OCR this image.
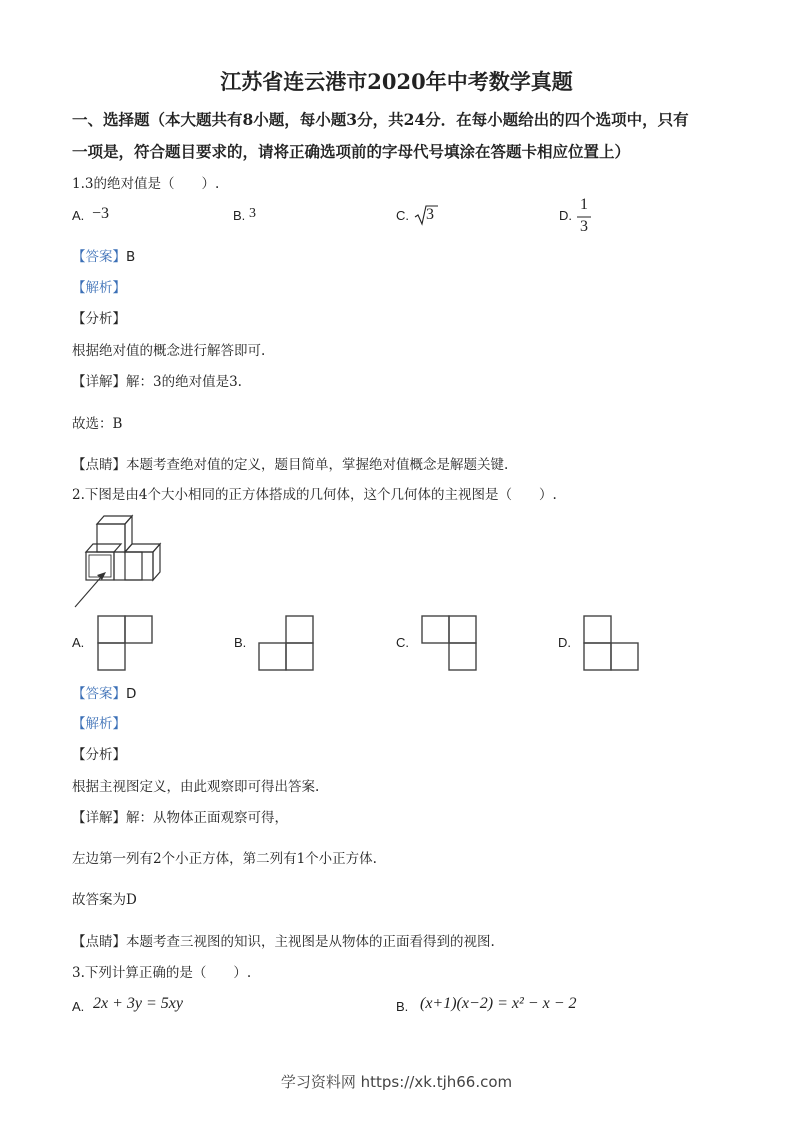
江苏省连云港市2020年中考数学真题
一、选择题（本大题共有8小题，每小题3分，共24分．在每小题给出的四个选项中，只有
一项是，符合题目要求的，请将正确选项前的字母代号填涂在答题卡相应位置上）
1.3的绝对值是（　　）.
A. −3	B. 3	C. 3	D.
1
3
【答案】B
【解析】
【分析】
根据绝对值的概念进行解答即可.
【详解】解：3的绝对值是3.
故选：B
【点睛】本题考查绝对值的定义，题目简单，掌握绝对值概念是解题关键.
2.下图是由4个大小相同的正方体搭成的几何体，这个几何体的主视图是（　　）.
A.	B.	C.	D.
【答案】D
【解析】
【分析】
根据主视图定义，由此观察即可得出答案.
【详解】解：从物体正面观察可得，
左边第一列有2个小正方体，第二列有1个小正方体.
故答案为D
【点睛】本题考查三视图的知识，主视图是从物体的正面看得到的视图.
3.下列计算正确的是（　　）.
A. 2x + 3y = 5xy	B. (x+1)(x−2) = x² − x − 2
学习资料网 https://xk.tjh66.com
